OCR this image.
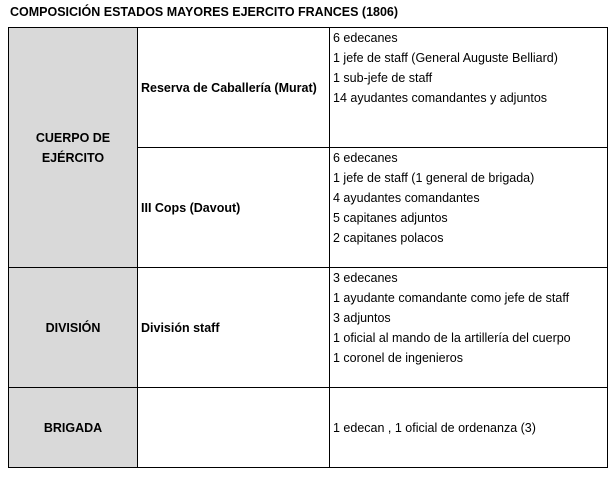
COMPOSICIÓN ESTADOS MAYORES EJERCITO FRANCES (1806)
CUERPO DE EJÉRCITO	Reserva de Caballería (Murat)	6 edecanes
1 jefe de staff (General Auguste Belliard)
1 sub-jefe de staff
14 ayudantes comandantes y adjuntos

	III Cops (Davout)	6 edecanes
1 jefe de staff (1 general de brigada)
4 ayudantes comandantes
5 capitanes adjuntos
2 capitanes polacos

DIVISIÓN	División staff	3 edecanes
1 ayudante comandante como jefe de staff
3 adjuntos
1 oficial al mando de la artillería del cuerpo
1 coronel de ingenieros

BRIGADA		1 edecan , 1 oficial de ordenanza (3)
